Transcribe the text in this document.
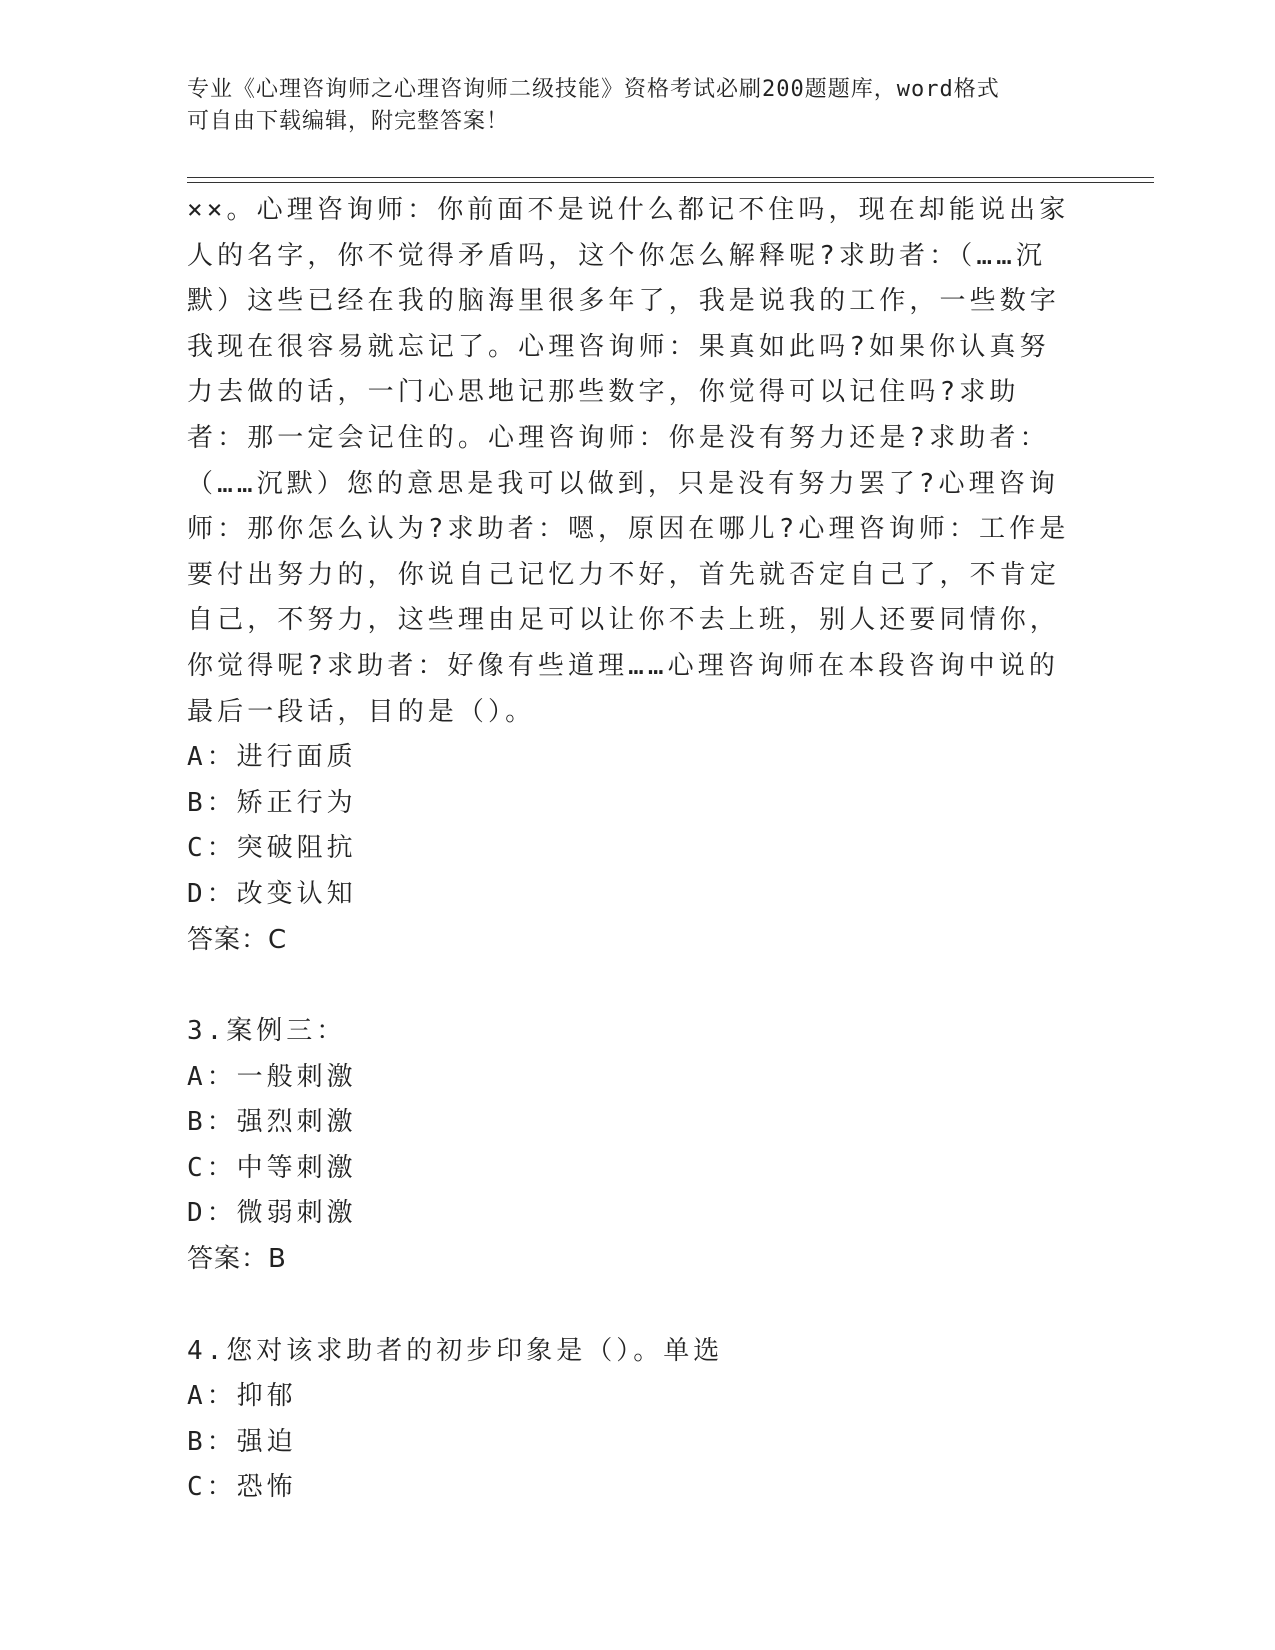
专业《心理咨询师之心理咨询师二级技能》资格考试必刷200题题库，word格式
可自由下载编辑，附完整答案！

××。心理咨询师：你前面不是说什么都记不住吗，现在却能说出家人的名字，你不觉得矛盾吗，这个你怎么解释呢?求助者：（……沉默）这些已经在我的脑海里很多年了，我是说我的工作，一些数字我现在很容易就忘记了。心理咨询师：果真如此吗?如果你认真努力去做的话，一门心思地记那些数字，你觉得可以记住吗?求助者：那一定会记住的。心理咨询师：你是没有努力还是?求助者：（……沉默）您的意思是我可以做到，只是没有努力罢了?心理咨询师：那你怎么认为?求助者：嗯，原因在哪儿?心理咨询师：工作是要付出努力的，你说自己记忆力不好，首先就否定自己了，不肯定自己，不努力，这些理由足可以让你不去上班，别人还要同情你，你觉得呢?求助者：好像有些道理……心理咨询师在本段咨询中说的最后一段话，目的是（）。

A：进行面质

B：矫正行为

C：突破阻抗

D：改变认知

答案：C

3.案例三：

A：一般刺激

B：强烈刺激

C：中等刺激

D：微弱刺激

答案：B

4.您对该求助者的初步印象是（）。单选

A：抑郁

B：强迫

C：恐怖
